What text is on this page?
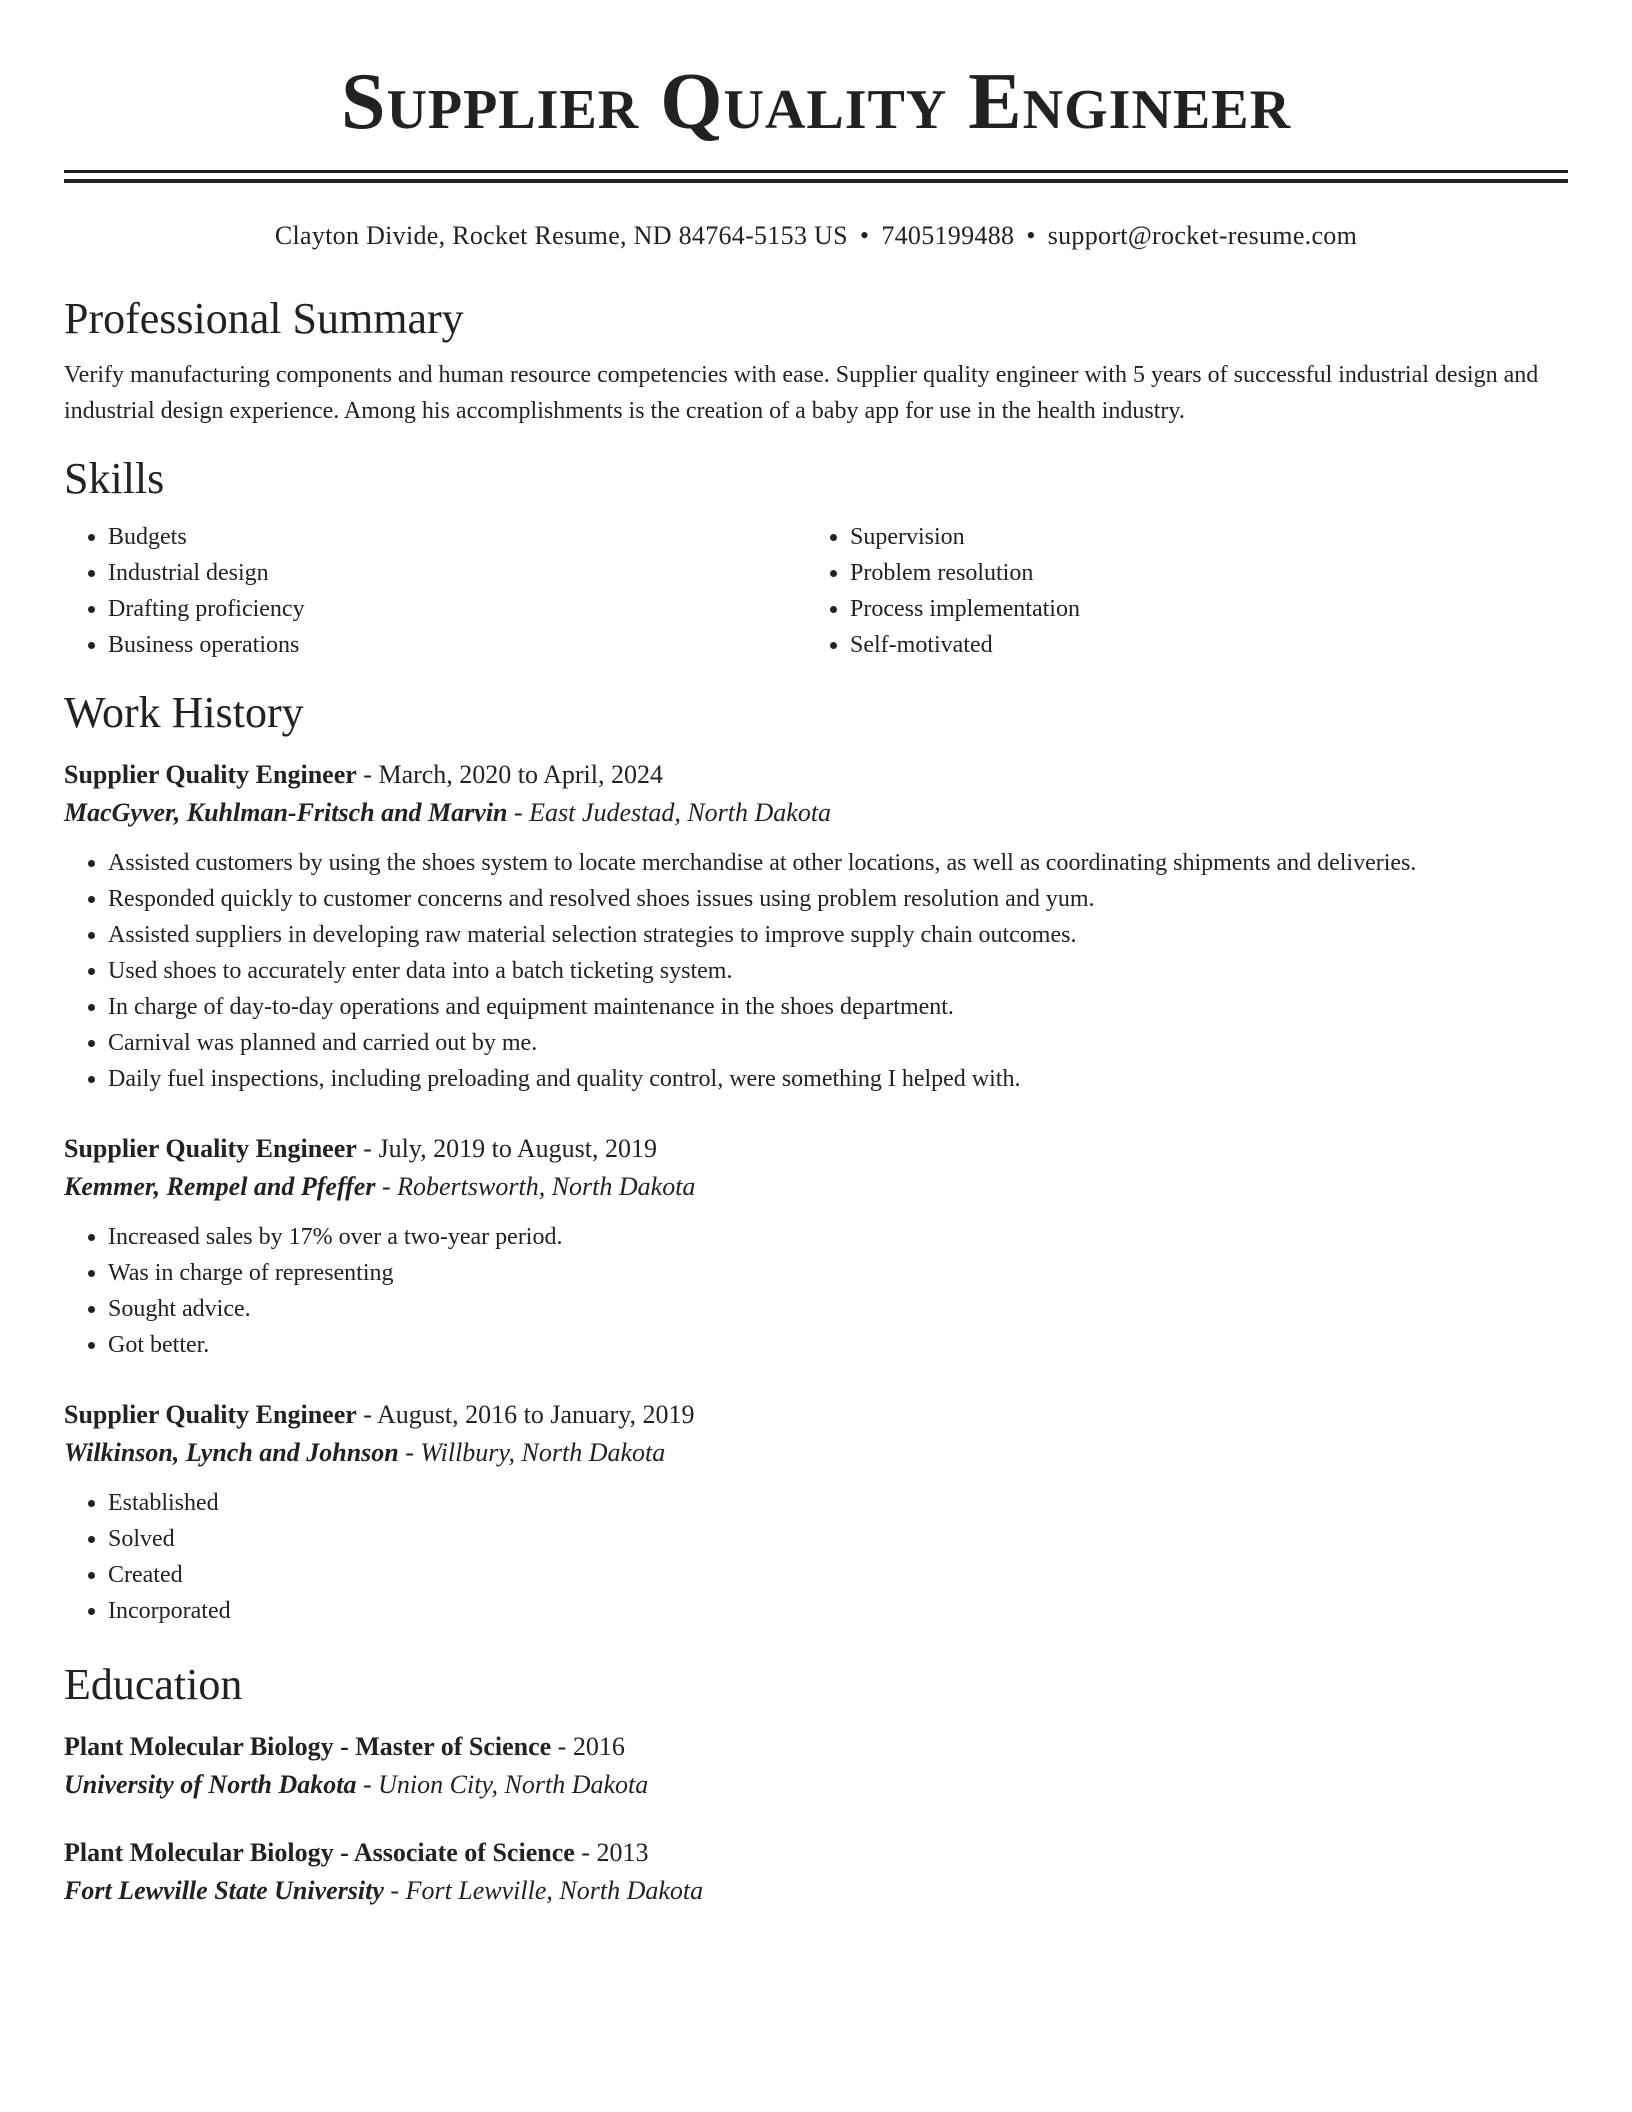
Supplier Quality Engineer
Clayton Divide, Rocket Resume, ND 84764-5153 US • 7405199488 • support@rocket-resume.com
Professional Summary

Verify manufacturing components and human resource competencies with ease. Supplier quality engineer with 5 years of successful industrial design and industrial design experience. Among his accomplishments is the creation of a baby app for use in the health industry.

Skills
• Budgets
• Industrial design
• Drafting proficiency
• Business operations
• Supervision
• Problem resolution
• Process implementation
• Self-motivated
Work History
Supplier Quality Engineer - March, 2020 to April, 2024
MacGyver, Kuhlman-Fritsch and Marvin - East Judestad, North Dakota
• Assisted customers by using the shoes system to locate merchandise at other locations, as well as coordinating shipments and deliveries.
• Responded quickly to customer concerns and resolved shoes issues using problem resolution and yum.
• Assisted suppliers in developing raw material selection strategies to improve supply chain outcomes.
• Used shoes to accurately enter data into a batch ticketing system.
• In charge of day-to-day operations and equipment maintenance in the shoes department.
• Carnival was planned and carried out by me.
• Daily fuel inspections, including preloading and quality control, were something I helped with.
Supplier Quality Engineer - July, 2019 to August, 2019
Kemmer, Rempel and Pfeffer - Robertsworth, North Dakota
• Increased sales by 17% over a two-year period.
• Was in charge of representing
• Sought advice.
• Got better.
Supplier Quality Engineer - August, 2016 to January, 2019
Wilkinson, Lynch and Johnson - Willbury, North Dakota
• Established
• Solved
• Created
• Incorporated
Education
Plant Molecular Biology - Master of Science - 2016
University of North Dakota - Union City, North Dakota
Plant Molecular Biology - Associate of Science - 2013
Fort Lewville State University - Fort Lewville, North Dakota
